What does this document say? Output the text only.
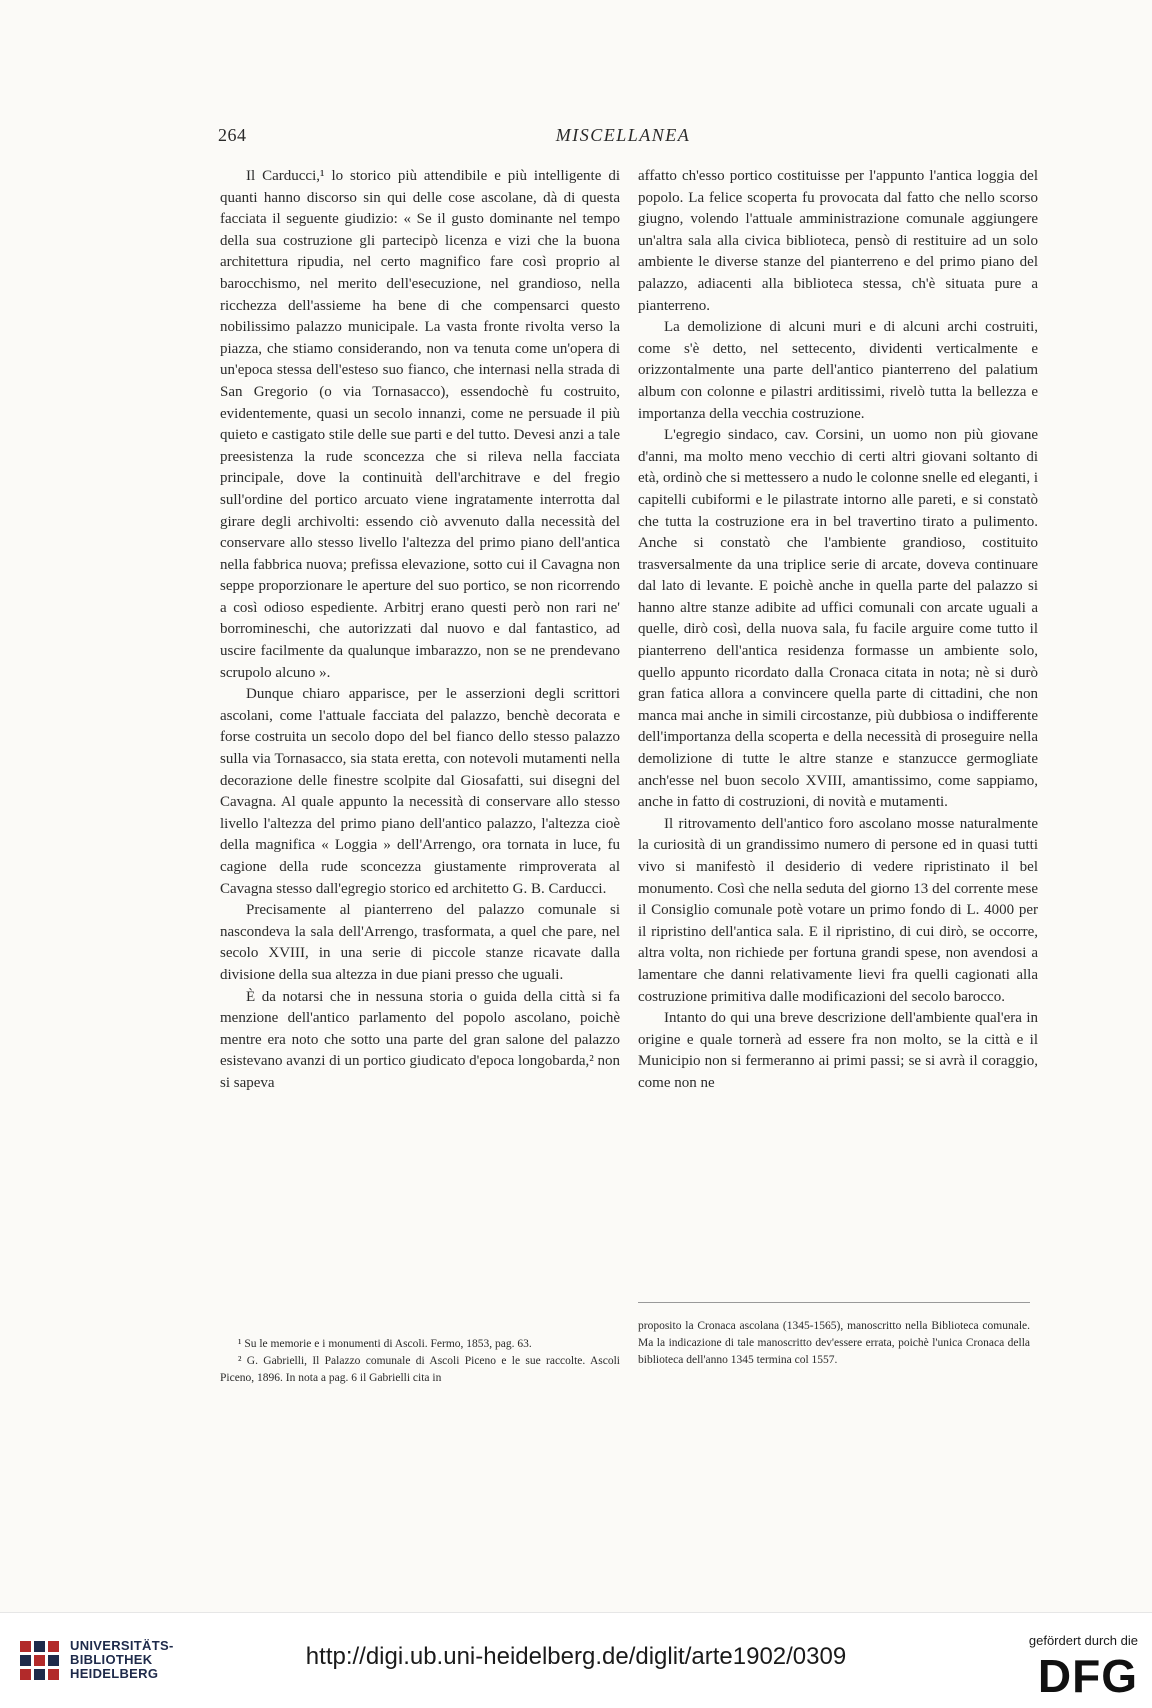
264	MISCELLANEA

Il Carducci,¹ lo storico più attendibile e più intelligente di quanti hanno discorso sin qui delle cose ascolane, dà di questa facciata il seguente giudizio: « Se il gusto dominante nel tempo della sua costruzione gli partecipò licenza e vizi che la buona architettura ripudia, nel certo magnifico fare così proprio al barocchismo, nel merito dell'esecuzione, nel grandioso, nella ricchezza dell'assieme ha bene di che compensarci questo nobilissimo palazzo municipale. La vasta fronte rivolta verso la piazza, che stiamo considerando, non va tenuta come un'opera di un'epoca stessa dell'esteso suo fianco, che internasi nella strada di San Gregorio (o via Tornasacco), essendochè fu costruito, evidentemente, quasi un secolo innanzi, come ne persuade il più quieto e castigato stile delle sue parti e del tutto. Devesi anzi a tale preesistenza la rude sconcezza che si rileva nella facciata principale, dove la continuità dell'architrave e del fregio sull'ordine del portico arcuato viene ingratamente interrotta dal girare degli archivolti: essendo ciò avvenuto dalla necessità del conservare allo stesso livello l'altezza del primo piano dell'antica nella fabbrica nuova; prefissa elevazione, sotto cui il Cavagna non seppe proporzionare le aperture del suo portico, se non ricorrendo a così odioso espediente. Arbitrj erano questi però non rari ne' borromineschi, che autorizzati dal nuovo e dal fantastico, ad uscire facilmente da qualunque imbarazzo, non se ne prendevano scrupolo alcuno ».

Dunque chiaro apparisce, per le asserzioni degli scrittori ascolani, come l'attuale facciata del palazzo, benchè decorata e forse costruita un secolo dopo del bel fianco dello stesso palazzo sulla via Tornasacco, sia stata eretta, con notevoli mutamenti nella decorazione delle finestre scolpite dal Giosafatti, sui disegni del Cavagna. Al quale appunto la necessità di conservare allo stesso livello l'altezza del primo piano dell'antico palazzo, l'altezza cioè della magnifica « Loggia » dell'Arrengo, ora tornata in luce, fu cagione della rude sconcezza giustamente rimproverata al Cavagna stesso dall'egregio storico ed architetto G. B. Carducci.

Precisamente al pianterreno del palazzo comunale si nascondeva la sala dell'Arrengo, trasformata, a quel che pare, nel secolo XVIII, in una serie di piccole stanze ricavate dalla divisione della sua altezza in due piani presso che uguali.

È da notarsi che in nessuna storia o guida della città si fa menzione dell'antico parlamento del popolo ascolano, poichè mentre era noto che sotto una parte del gran salone del palazzo esistevano avanzi di un portico giudicato d'epoca longobarda,² non si sapeva

affatto ch'esso portico costituisse per l'appunto l'antica loggia del popolo. La felice scoperta fu provocata dal fatto che nello scorso giugno, volendo l'attuale amministrazione comunale aggiungere un'altra sala alla civica biblioteca, pensò di restituire ad un solo ambiente le diverse stanze del pianterreno e del primo piano del palazzo, adiacenti alla biblioteca stessa, ch'è situata pure a pianterreno.

La demolizione di alcuni muri e di alcuni archi costruiti, come s'è detto, nel settecento, dividenti verticalmente e orizzontalmente una parte dell'antico pianterreno del palatium album con colonne e pilastri arditissimi, rivelò tutta la bellezza e importanza della vecchia costruzione.

L'egregio sindaco, cav. Corsini, un uomo non più giovane d'anni, ma molto meno vecchio di certi altri giovani soltanto di età, ordinò che si mettessero a nudo le colonne snelle ed eleganti, i capitelli cubiformi e le pilastrate intorno alle pareti, e si constatò che tutta la costruzione era in bel travertino tirato a pulimento. Anche si constatò che l'ambiente grandioso, costituito trasversalmente da una triplice serie di arcate, doveva continuare dal lato di levante. E poichè anche in quella parte del palazzo si hanno altre stanze adibite ad uffici comunali con arcate uguali a quelle, dirò così, della nuova sala, fu facile arguire come tutto il pianterreno dell'antica residenza formasse un ambiente solo, quello appunto ricordato dalla Cronaca citata in nota; nè si durò gran fatica allora a convincere quella parte di cittadini, che non manca mai anche in simili circostanze, più dubbiosa o indifferente dell'importanza della scoperta e della necessità di proseguire nella demolizione di tutte le altre stanze e stanzucce germogliate anch'esse nel buon secolo XVIII, amantissimo, come sappiamo, anche in fatto di costruzioni, di novità e mutamenti.

Il ritrovamento dell'antico foro ascolano mosse naturalmente la curiosità di un grandissimo numero di persone ed in quasi tutti vivo si manifestò il desiderio di vedere ripristinato il bel monumento. Così che nella seduta del giorno 13 del corrente mese il Consiglio comunale potè votare un primo fondo di L. 4000 per il ripristino dell'antica sala. E il ripristino, di cui dirò, se occorre, altra volta, non richiede per fortuna grandi spese, non avendosi a lamentare che danni relativamente lievi fra quelli cagionati alla costruzione primitiva dalle modificazioni del secolo barocco.

Intanto do qui una breve descrizione dell'ambiente qual'era in origine e quale tornerà ad essere fra non molto, se la città e il Municipio non si fermeranno ai primi passi; se si avrà il coraggio, come non ne

¹ Su le memorie e i monumenti di Ascoli. Fermo, 1853, pag. 63.

² G. Gabrielli, Il Palazzo comunale di Ascoli Piceno e le sue raccolte. Ascoli Piceno, 1896. In nota a pag. 6 il Gabrielli cita in

proposito la Cronaca ascolana (1345-1565), manoscritto nella Biblioteca comunale. Ma la indicazione di tale manoscritto dev'essere errata, poichè l'unica Cronaca della biblioteca dell'anno 1345 termina col 1557.

UNIVERSITÄTS-
BIBLIOTHEK
HEIDELBERG
http://digi.ub.uni-heidelberg.de/diglit/arte1902/0309
gefördert durch die
DFG
